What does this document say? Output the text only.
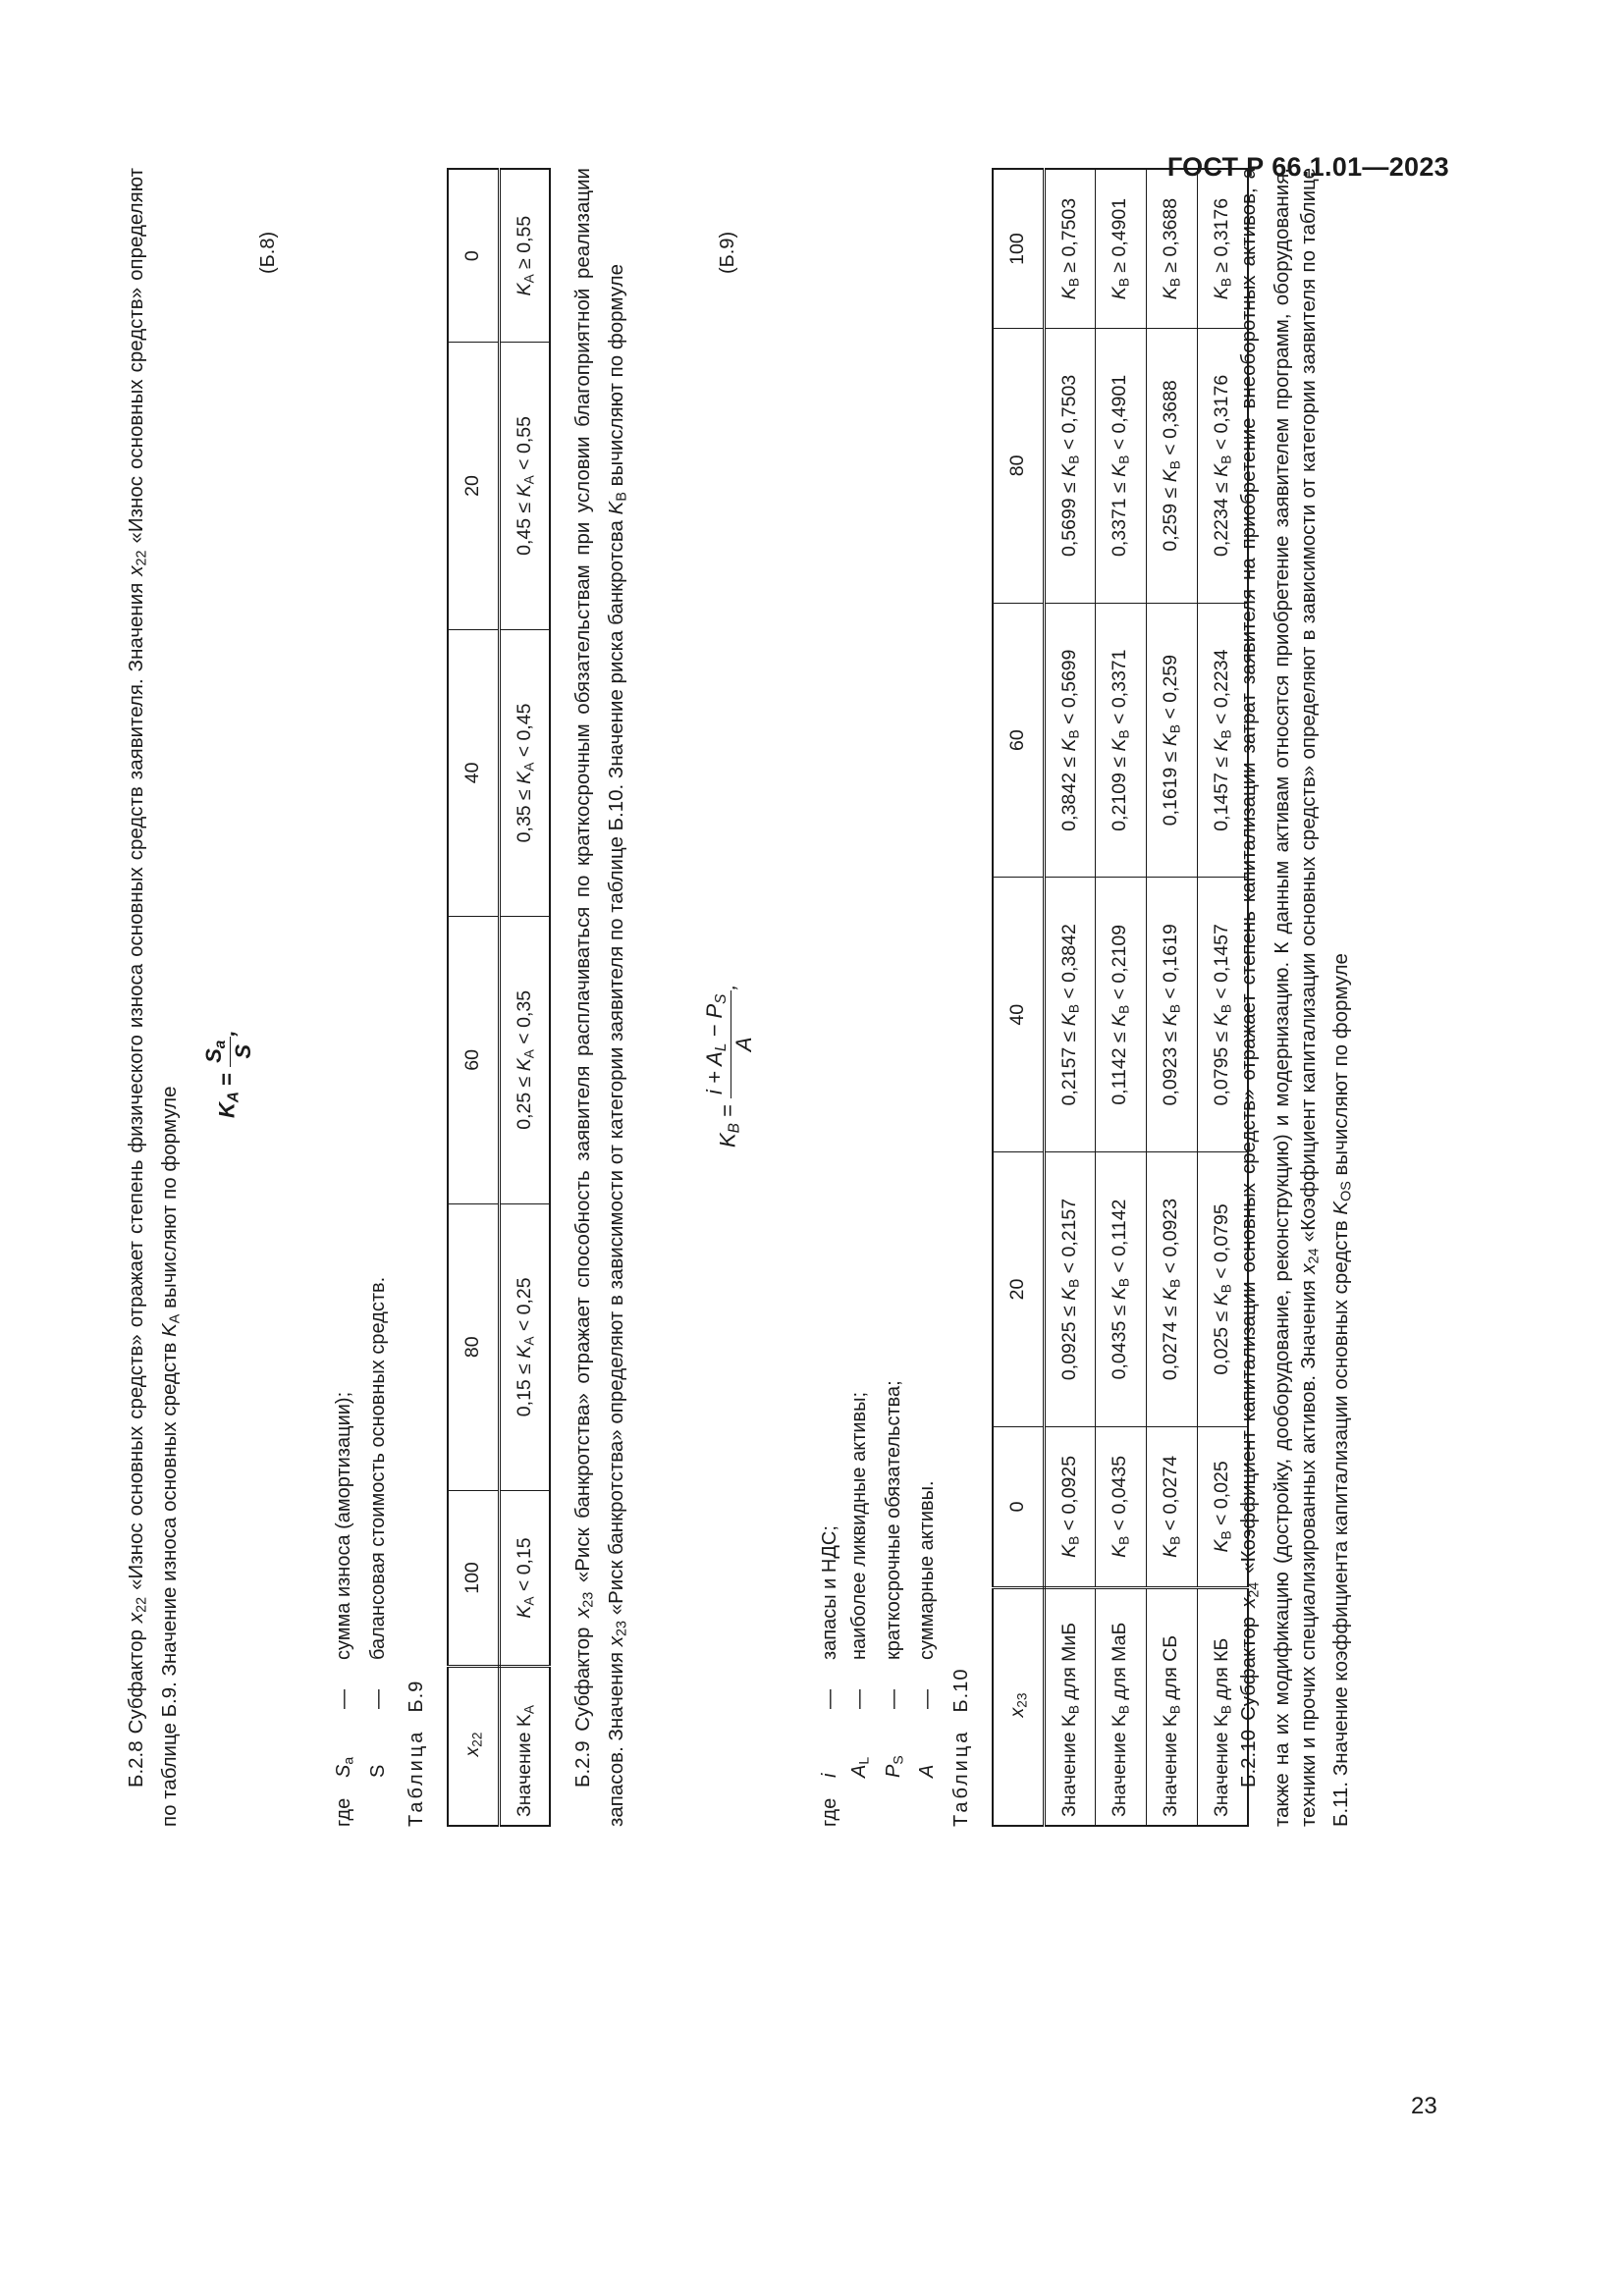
ГОСТ Р 66.1.01—2023
23
Б.2.8 Субфактор $x_{22}$ «Износ основных средств» отражает степень физического износа основных средств заявителя. Значения $x_{22}$ «Износ основных средств» определяют по таблице Б.9. Значение износа основных средств $K_A$ вычисляют по формуле	$K_A$ =
$S_a$ S
,
(Б.8)
где
$S_a$
—
сумма износа (амортизации);
S
—
балансовая стоимость основных средств.
Таблица  Б.9
$x_{22}$	100	80	60	40	20	0
Значение $K_A$	$K_A < 0,15$	$0,15 \le K_A < 0,25$	$0,25 \le K_A < 0,35$	$0,35 \le K_A < 0,45$	$0,45 \le K_A < 0,55$	$K_A \ge 0,55$
Б.2.9 Субфактор $x_{23}$ «Риск банкротства» отражает способность заявителя расплачиваться по краткосрочным обязательствам при условии благоприятной реализации запасов. Значения $x_{23}$ «Риск банкротства» определяют в зависимости от категории заявителя по таблице Б.10. Значение риска банкротсва $K_B$ вычисляют по формуле
$K_B$ =
$i + A_L - P_S$
A
,
(Б.9)
где
i
—
запасы и НДС;
$A_L$
—
наиболее ликвидные активы;
$P_S$
—
краткосрочные обязательства;
A
—
суммарные активы.
Таблица  Б.10
$x_{23}$	0	20	40	60	80	100
Значение $K_B$ для МиБ	$K_B < 0,0925$	$0,0925 \le K_B < 0,2157$	$0,2157 \le K_B < 0,3842$	$0,3842 \le K_B < 0,5699$	$0,5699 \le K_B < 0,7503$	$K_B \ge 0,7503$
Значение $K_B$ для МаБ	$K_B < 0,0435$	$0,0435 \le K_B < 0,1142$	$0,1142 \le K_B < 0,2109$	$0,2109 \le K_B < 0,3371$	$0,3371 \le K_B < 0,4901$	$K_B \ge 0,4901$
Значение $K_B$ для СБ	$K_B < 0,0274$	$0,0274 \le K_B < 0,0923$	$0,0923 \le K_B < 0,1619$	$0,1619 \le K_B < 0,259$	$0,259 \le K_B < 0,3688$	$K_B \ge 0,3688$
Значение $K_B$ для КБ	$K_B < 0,025$	$0,025 \le K_B < 0,0795$	$0,0795 \le K_B < 0,1457$	$0,1457 \le K_B < 0,2234$	$0,2234 \le K_B < 0,3176$	$K_B \ge 0,3176$
Б.2.10 Субфактор $x_{24}$ «Коэффициент капитализации основных средств» отражает степень капитализации затрат заявителя на приобретение внеоборотных активов, а также на их модификацию (достройку, дооборудование, реконструкцию) и модернизацию. К данным активам относятся приобретение заявителем программ, оборудования, техники и прочих специализированных активов. Значения $x_{24}$ «Коэффициент капитализации основных средств» определяют в зависимости от категории заявителя по таблице Б.11. Значение коэффициента капитализации основных средств $K_{OS}$ вычисляют по формуле
